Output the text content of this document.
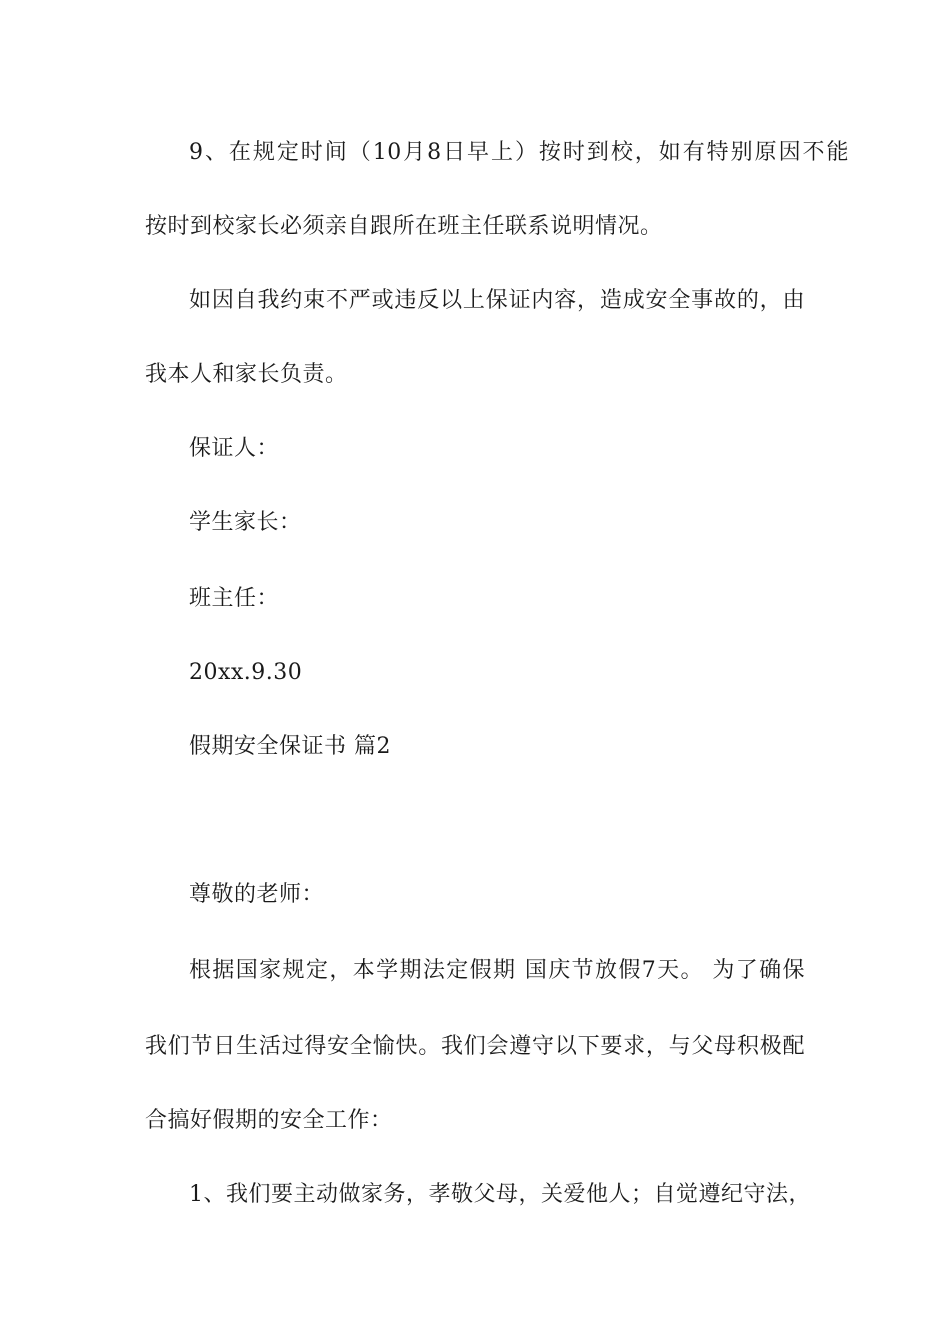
9、在规定时间（10月8日早上）按时到校，如有特别原因不能
按时到校家长必须亲自跟所在班主任联系说明情况。
如因自我约束不严或违反以上保证内容，造成安全事故的，由
我本人和家长负责。
保证人：
学生家长：
班主任：
20xx.9.30
假期安全保证书 篇2
尊敬的老师：
根据国家规定，本学期法定假期 国庆节放假7天。 为了确保
我们节日生活过得安全愉快。我们会遵守以下要求，与父母积极配
合搞好假期的安全工作：
1、我们要主动做家务，孝敬父母，关爱他人；自觉遵纪守法，
